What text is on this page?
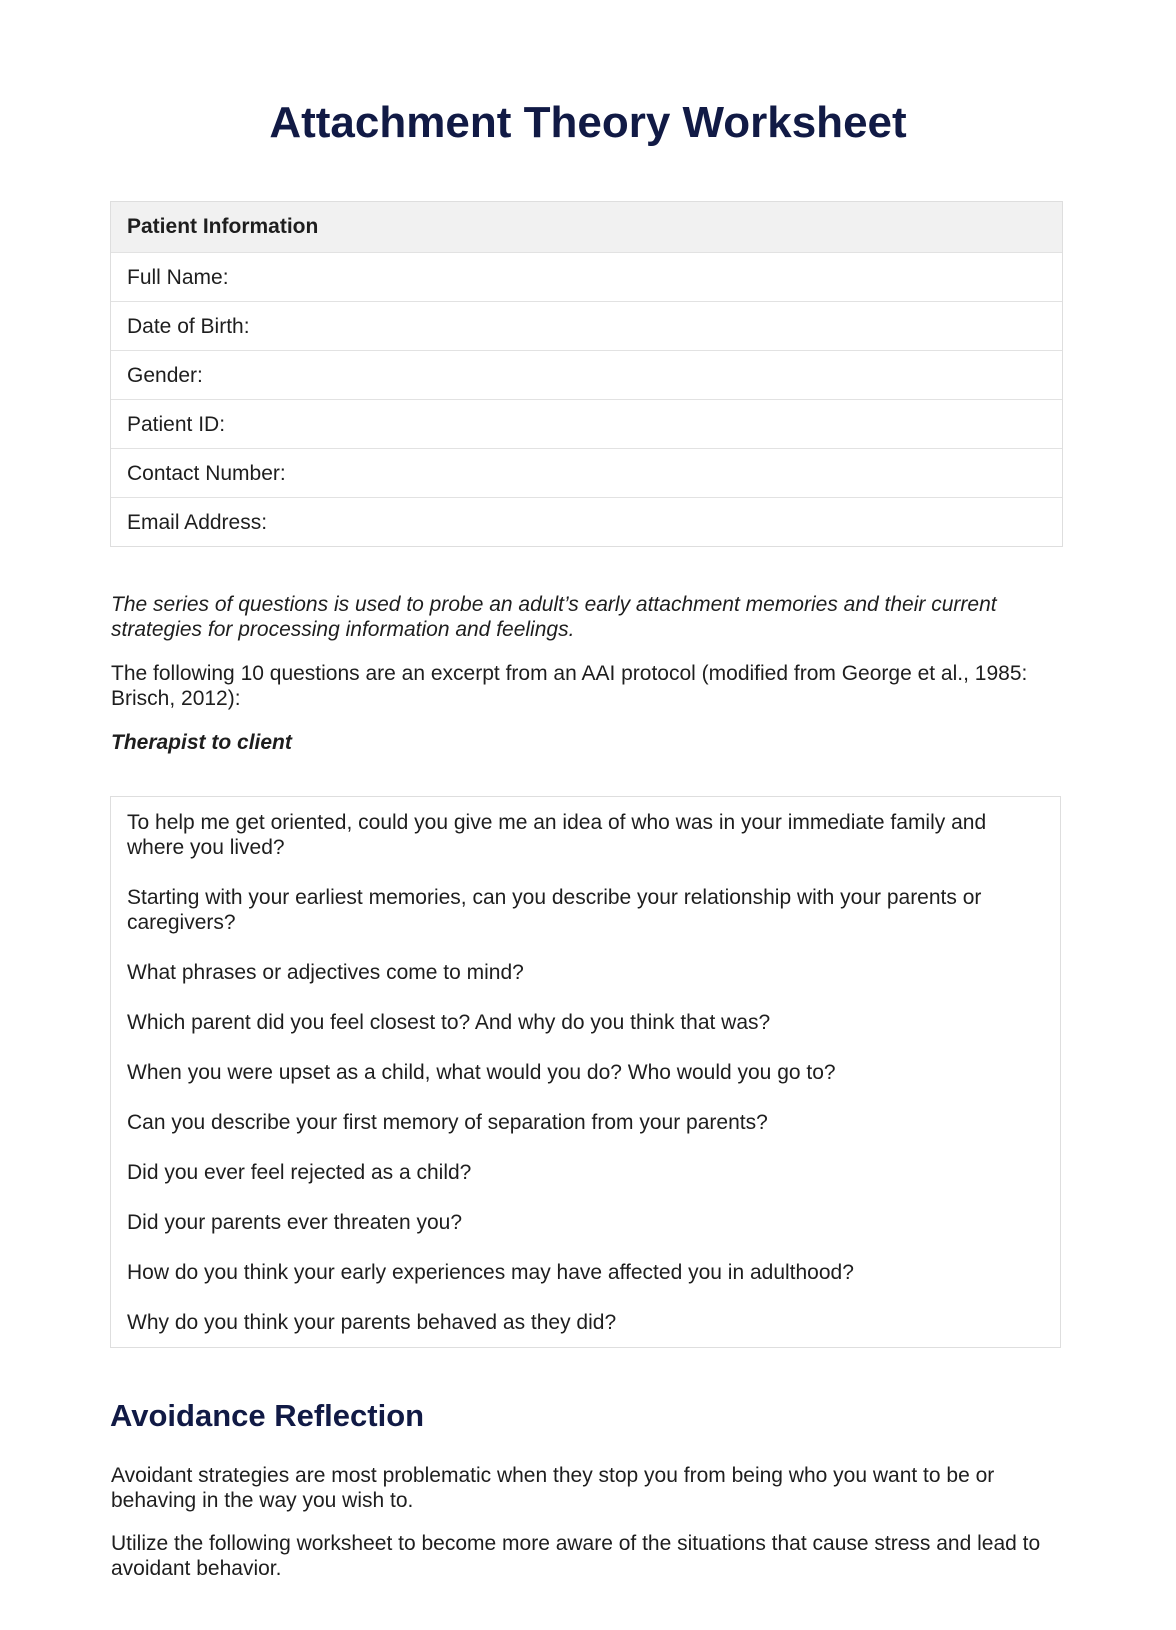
Attachment Theory Worksheet
Patient Information
Full Name:
Date of Birth:
Gender:
Patient ID:
Contact Number:
Email Address:

The series of questions is used to probe an adult’s early attachment memories and their current strategies for processing information and feelings.

The following 10 questions are an excerpt from an AAI protocol (modified from George et al., 1985: Brisch, 2012):

Therapist to client

To help me get oriented, could you give me an idea of who was in your immediate family and where you lived?

Starting with your earliest memories, can you describe your relationship with your parents or caregivers?

What phrases or adjectives come to mind?

Which parent did you feel closest to? And why do you think that was?

When you were upset as a child, what would you do? Who would you go to?

Can you describe your first memory of separation from your parents?

Did you ever feel rejected as a child?

Did your parents ever threaten you?

How do you think your early experiences may have affected you in adulthood?

Why do you think your parents behaved as they did?

Avoidance Reflection

Avoidant strategies are most problematic when they stop you from being who you want to be or behaving in the way you wish to.

Utilize the following worksheet to become more aware of the situations that cause stress and lead to avoidant behavior.
